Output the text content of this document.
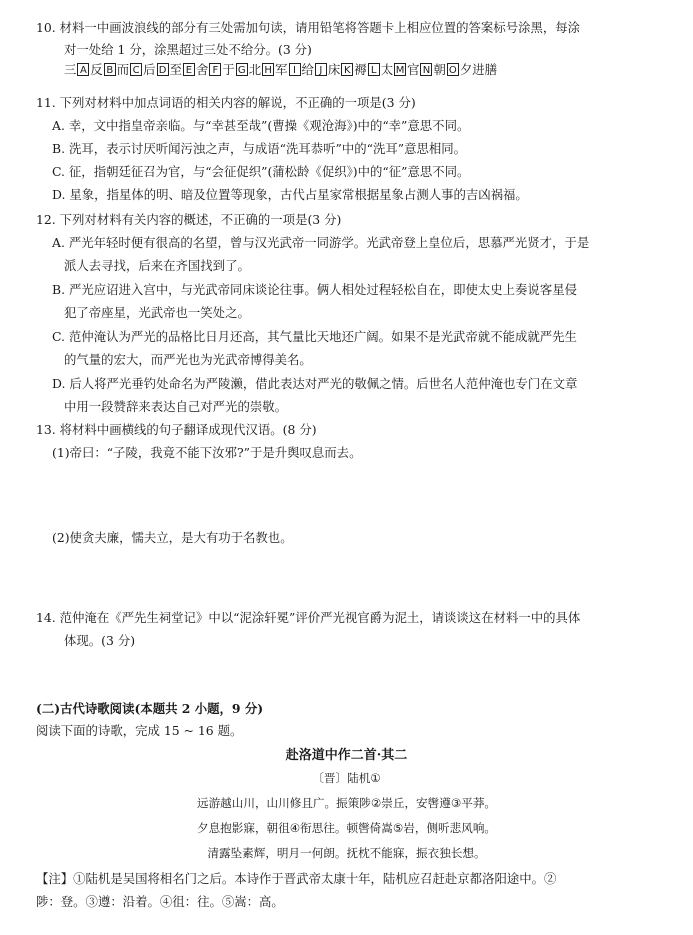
10. 材料一中画波浪线的部分有三处需加句读，请用铅笔将答题卡上相应位置的答案标号涂黑，每涂
对一处给 1 分，涂黑超过三处不给分。(3 分)
三 A 反 B 而 C 后 D 至 E 舍 F 于 G 北 H 军 I 给 J 床 K 褥 L 太 M 官 N 朝 O 夕 进 膳
11. 下列对材料中加点词语的相关内容的解说，不正确的一项是(3 分)
A. 幸，文中指皇帝亲临。与“幸甚至哉”(曹操《观沧海》)中的“幸”意思不同。
B. 洗耳，表示讨厌听闻污浊之声，与成语“洗耳恭听”中的“洗耳”意思相同。
C. 征，指朝廷征召为官，与“会征促织”(蒲松龄《促织》)中的“征”意思不同。
D. 星象，指星体的明、暗及位置等现象，古代占星家常根据星象占测人事的吉凶祸福。
12. 下列对材料有关内容的概述，不正确的一项是(3 分)
A. 严光年轻时便有很高的名望，曾与汉光武帝一同游学。光武帝登上皇位后，思慕严光贤才，于是
派人去寻找，后来在齐国找到了。
B. 严光应诏进入宫中，与光武帝同床谈论往事。俩人相处过程轻松自在，即使太史上奏说客星侵
犯了帝座星，光武帝也一笑处之。
C. 范仲淹认为严光的品格比日月还高，其气量比天地还广阔。如果不是光武帝就不能成就严先生
的气量的宏大，而严光也为光武帝博得美名。
D. 后人将严光垂钓处命名为严陵濑，借此表达对严光的敬佩之情。后世名人范仲淹也专门在文章
中用一段赞辞来表达自己对严光的崇敬。
13. 将材料中画横线的句子翻译成现代汉语。(8 分)
(1)帝曰：“子陵，我竟不能下汝邪?”于是升舆叹息而去。
(2)使贪夫廉，懦夫立，是大有功于名教也。
14. 范仲淹在《严先生祠堂记》中以“泥涂轩冕”评价严光视官爵为泥土，请谈谈这在材料一中的具体
体现。(3 分)
(二)古代诗歌阅读(本题共 2 小题，9 分)
阅读下面的诗歌，完成 15 ~ 16 题。
赴洛道中作二首·其二
〔晋〕陆机①
远游越山川，山川修且广。振策陟②崇丘，安辔遵③平莽。
夕息抱影寐，朝徂④衔思往。顿辔倚嵩⑤岩，侧听悲风响。
清露坠素辉，明月一何朗。抚枕不能寐，振衣独长想。
【注】①陆机是吴国将相名门之后。本诗作于晋武帝太康十年，陆机应召赶赴京都洛阳途中。②
陟：登。③遵：沿着。④徂：往。⑤嵩：高。
